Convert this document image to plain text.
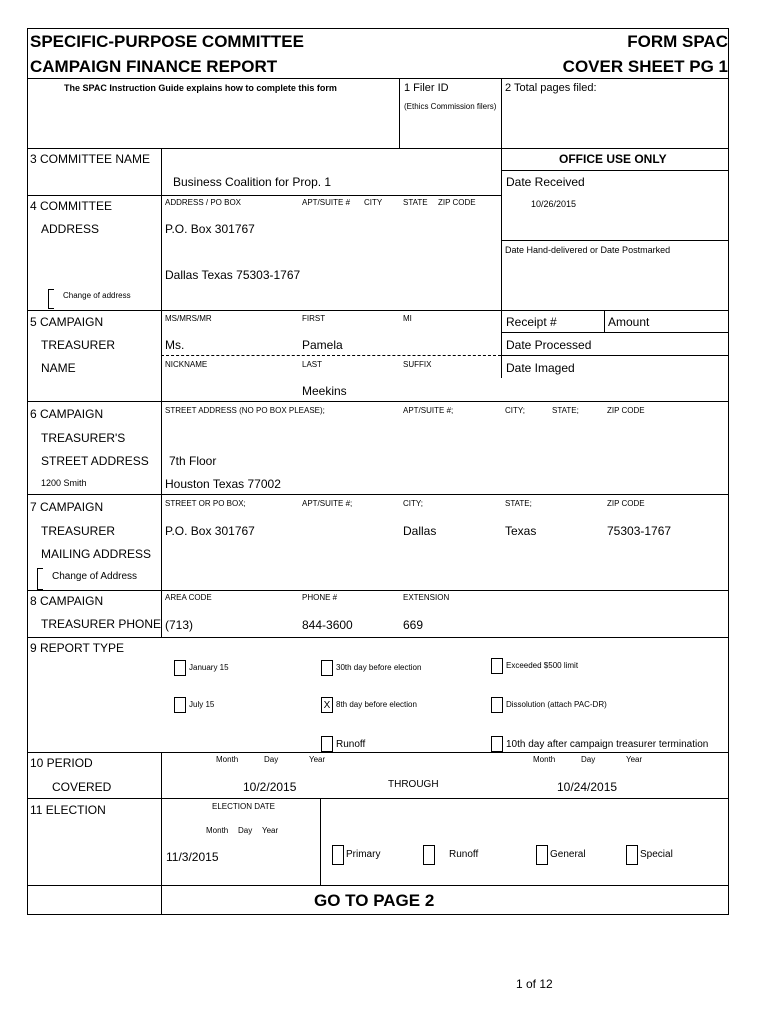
SPECIFIC-PURPOSE COMMITTEE
CAMPAIGN FINANCE REPORT
FORM SPAC
COVER SHEET PG 1
The SPAC Instruction Guide explains how to complete this form	1 Filer ID
(Ethics Commission filers)
2 Total pages filed:
3 COMMITTEE NAME
Business Coalition for Prop. 1
OFFICE USE ONLY
Date Received
10/26/2015
Date Hand-delivered or Date Postmarked
Receipt #	Amount
Date Processed
Date Imaged
4 COMMITTEE
ADDRESS
ADDRESS / PO BOX	APT/SUITE # CITY	STATE ZIP CODE
P.O. Box 301767
Dallas Texas 75303-1767
Change of address
5 CAMPAIGN
TREASURER
NAME
MS/MRS/MR	FIRST	MI
Ms.	Pamela
NICKNAME	LAST	SUFFIX
Meekins
6 CAMPAIGN
TREASURER'S
STREET ADDRESS
STREET ADDRESS (NO PO BOX PLEASE);	APT/SUITE #;	CITY;	STATE;	ZIP CODE
1200 Smith
7th Floor
Houston Texas 77002
7 CAMPAIGN
TREASURER
MAILING ADDRESS
STREET OR PO BOX;	APT/SUITE #;	CITY;	STATE;	ZIP CODE
P.O. Box 301767	Dallas	Texas	75303-1767
Change of Address
8 CAMPAIGN
TREASURER PHONE
AREA CODE	PHONE #	EXTENSION
(713)	844-3600	669
9 REPORT TYPE
January 15	30th day before election	Exceeded $500 limit
July 15	X 8th day before election	Dissolution (attach PAC-DR)
Runoff	10th day after campaign treasurer termination
10 PERIOD
COVERED
Month	Day	Year	Month	Day	Year
10/2/2015	THROUGH	10/24/2015
11 ELECTION	ELECTION DATE
Month Day Year
11/3/2015	Primary	Runoff	General	Special
GO TO PAGE 2
1 of 12
